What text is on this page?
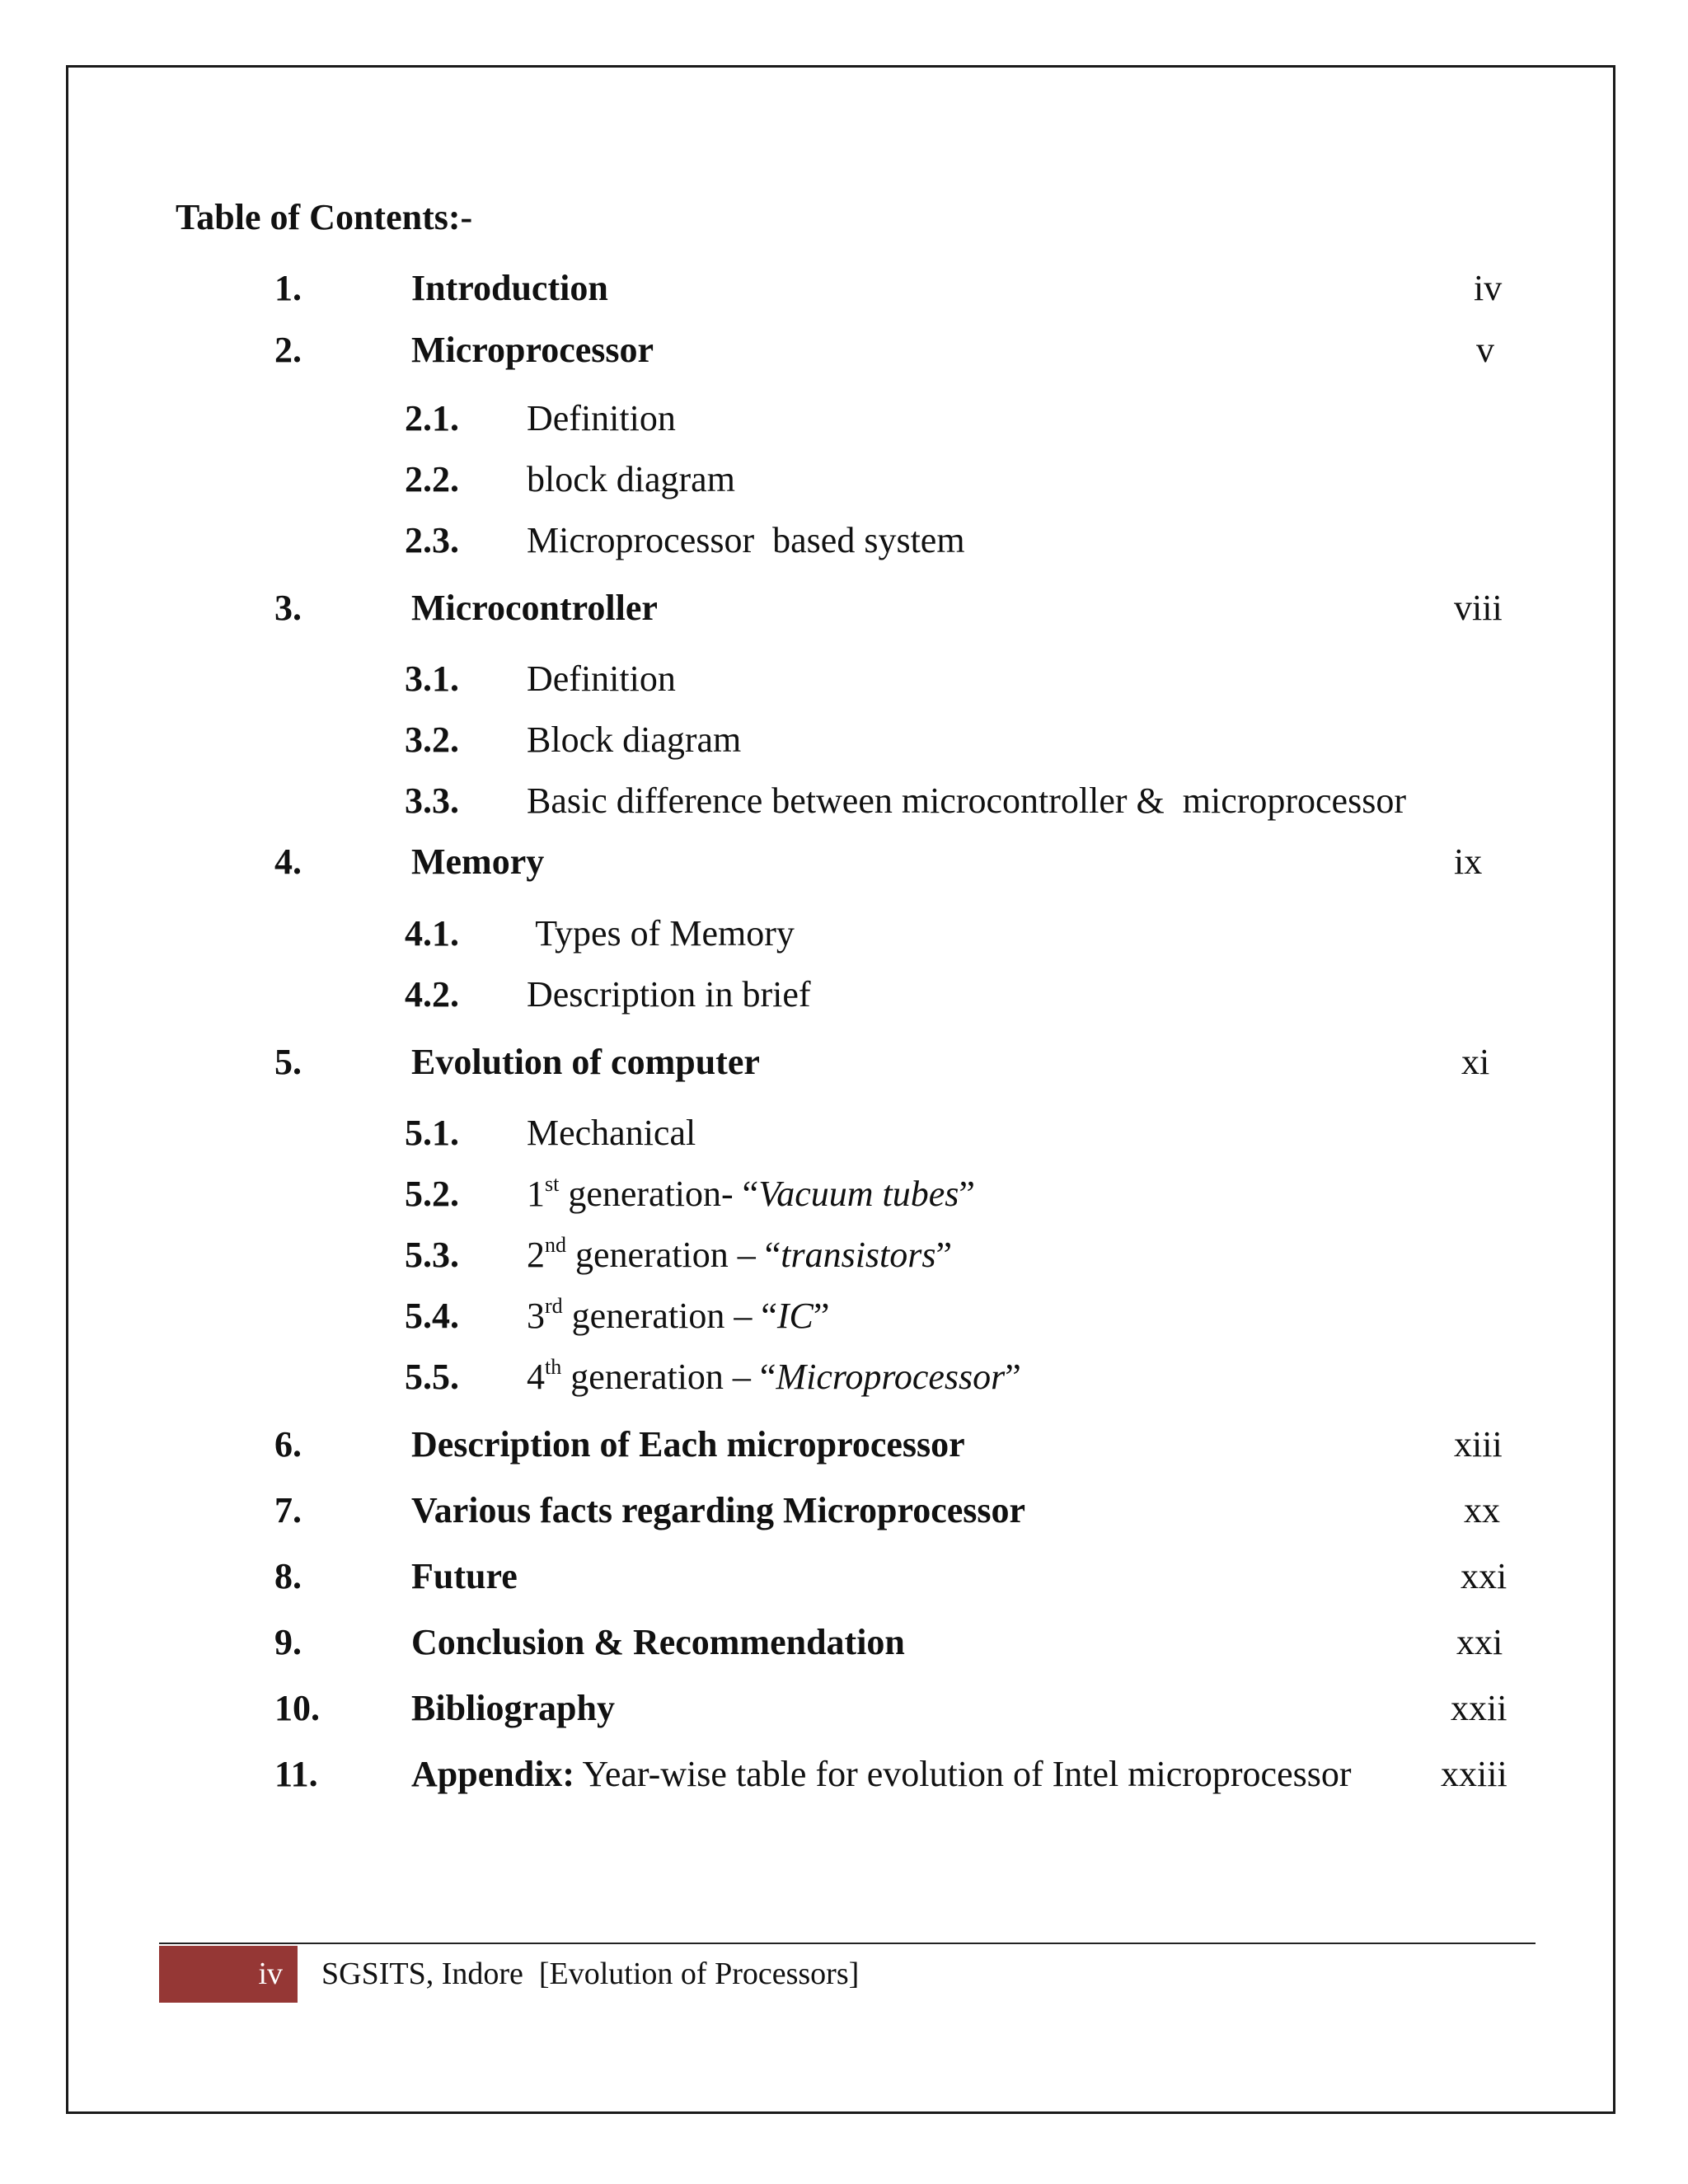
Table of Contents:-
1.	Introduction	iv
2.	Microprocessor	v
2.1. Definition
2.2. block diagram
2.3. Microprocessor  based system
3.	Microcontroller	viii
3.1. Definition
3.2. Block diagram
3.3. Basic difference between microcontroller &  microprocessor
4.	Memory	ix
4.1. Types of Memory
4.2. Description in brief
5.	Evolution of computer	xi
5.1. Mechanical
5.2. 1st generation- “Vacuum tubes”
5.3. 2nd generation – “transistors”
5.4. 3rd generation – “IC”
5.5. 4th generation – “Microprocessor”
6.	Description of Each microprocessor	xiii
7.	Various facts regarding Microprocessor	xx
8.	Future	xxi
9.	Conclusion & Recommendation	xxi
10.	Bibliography	xxii
11.	Appendix: Year-wise table for evolution of Intel microprocessor xxiii
iv SGSITS, Indore  [Evolution of Processors]
